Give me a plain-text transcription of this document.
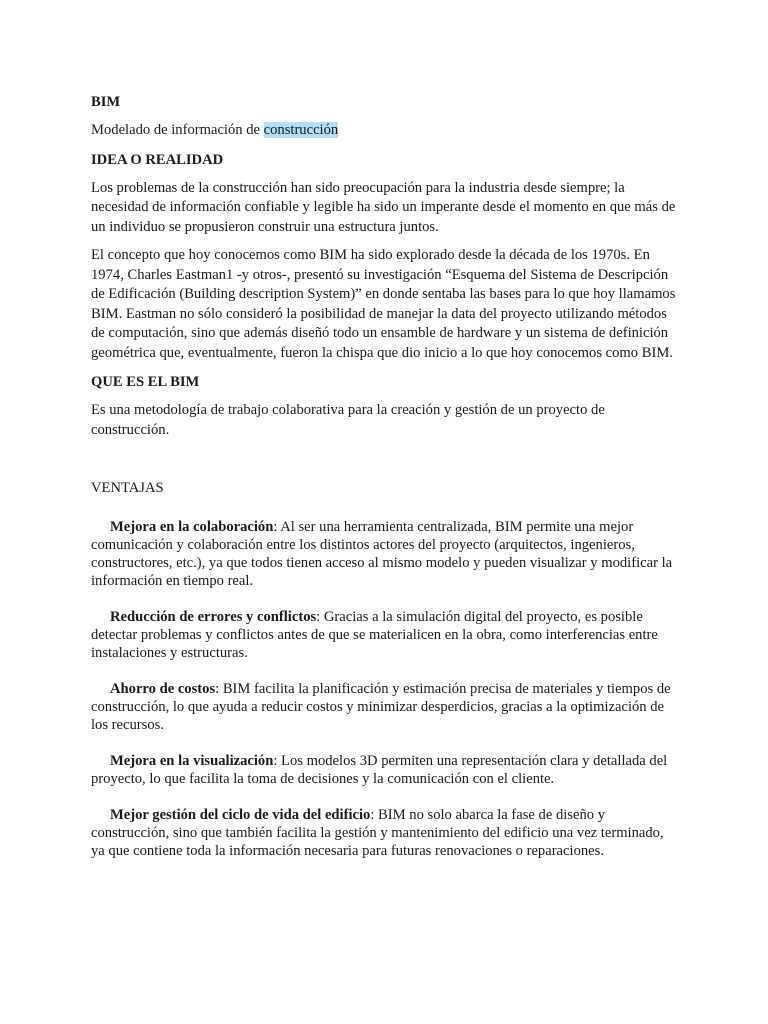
BIM

Modelado de información de construcción

IDEA O REALIDAD

Los problemas de la construcción han sido preocupación para la industria desde siempre; la necesidad de información confiable y legible ha sido un imperante desde el momento en que más de un individuo se propusieron construir una estructura juntos.

El concepto que hoy conocemos como BIM ha sido explorado desde la década de los 1970s. En 1974, Charles Eastman1 -y otros-, presentó su investigación “Esquema del Sistema de Descripción de Edificación (Building description System)” en donde sentaba las bases para lo que hoy llamamos BIM. Eastman no sólo consideró la posibilidad de manejar la data del proyecto utilizando métodos de computación, sino que además diseñó todo un ensamble de hardware y un sistema de definición geométrica que, eventualmente, fueron la chispa que dio inicio a lo que hoy conocemos como BIM.

QUE ES EL BIM

Es una metodología de trabajo colaborativa para la creación y gestión de un proyecto de construcción.

VENTAJAS

Mejora en la colaboración: Al ser una herramienta centralizada, BIM permite una mejor comunicación y colaboración entre los distintos actores del proyecto (arquitectos, ingenieros, constructores, etc.), ya que todos tienen acceso al mismo modelo y pueden visualizar y modificar la información en tiempo real.

Reducción de errores y conflictos: Gracias a la simulación digital del proyecto, es posible detectar problemas y conflictos antes de que se materialicen en la obra, como interferencias entre instalaciones y estructuras.

Ahorro de costos: BIM facilita la planificación y estimación precisa de materiales y tiempos de construcción, lo que ayuda a reducir costos y minimizar desperdicios, gracias a la optimización de los recursos.

Mejora en la visualización: Los modelos 3D permiten una representación clara y detallada del proyecto, lo que facilita la toma de decisiones y la comunicación con el cliente.

Mejor gestión del ciclo de vida del edificio: BIM no solo abarca la fase de diseño y construcción, sino que también facilita la gestión y mantenimiento del edificio una vez terminado, ya que contiene toda la información necesaria para futuras renovaciones o reparaciones.
